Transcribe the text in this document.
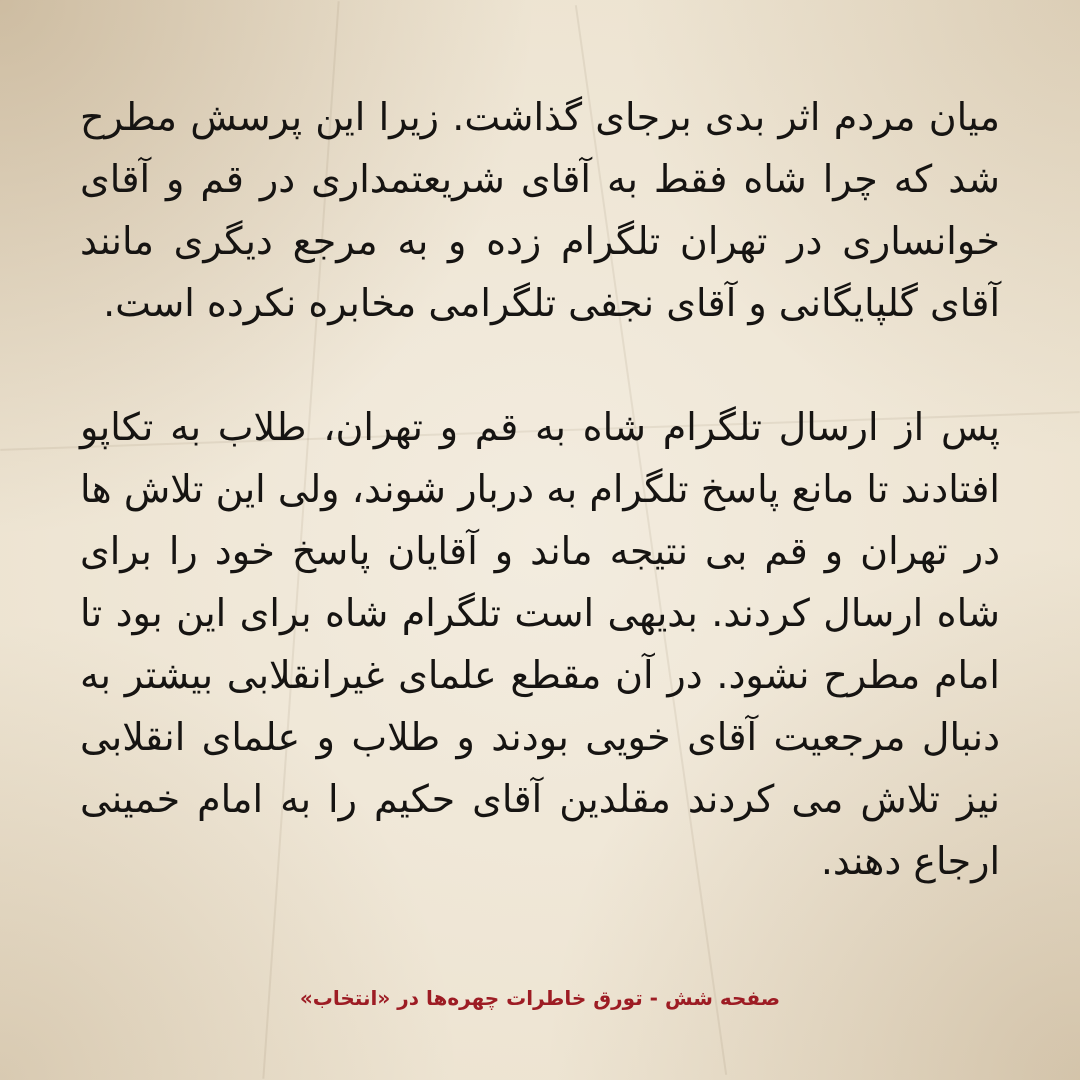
میان مردم اثر بدی برجای گذاشت. زیرا این پرسش مطرح شد که چرا شاه فقط به آقای شریعتمداری در قم و آقای خوانساری در تهران تلگرام زده و به مرجع دیگری مانند آقای گلپایگانی و آقای نجفی تلگرامی مخابره نکرده است.

پس از ارسال تلگرام شاه به قم و تهران، طلاب به تکاپو افتادند تا مانع پاسخ تلگرام به دربار شوند، ولی این تلاش ها در تهران و قم بی نتیجه ماند و آقایان پاسخ خود را برای شاه ارسال کردند. بدیهی است تلگرام شاه برای این بود تا امام مطرح نشود. در آن مقطع علمای غیرانقلابی بیشتر به دنبال مرجعیت آقای خویی بودند و طلاب و علمای انقلابی نیز تلاش می کردند مقلدین آقای حکیم را به امام خمینی ارجاع دهند.

صفحه شش - تورق خاطرات چهره‌ها در «انتخاب»
